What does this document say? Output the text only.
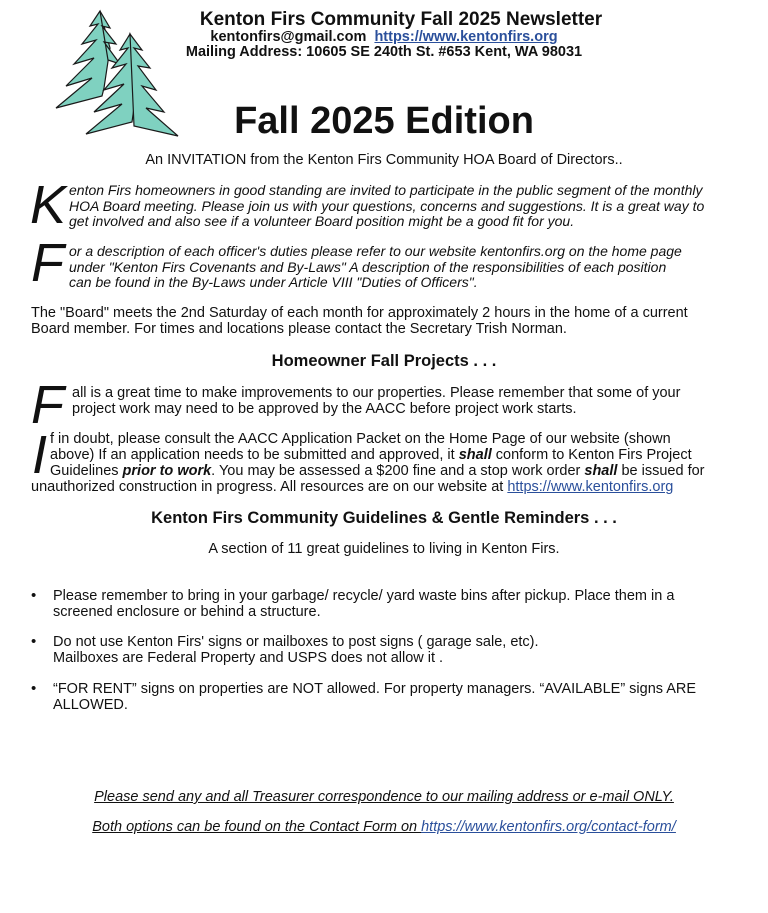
Kenton Firs Community Fall 2025 Newsletter
kentonfirs@gmail.com https://www.kentonfirs.org
Mailing Address: 10605 SE 240th St. #653 Kent, WA 98031
Fall 2025 Edition
An INVITATION from the Kenton Firs Community HOA Board of Directors..
K enton Firs homeowners in good standing are invited to participate in the public segment of the monthly
HOA Board meeting. Please join us with your questions, concerns and suggestions. It is a great way to
get involved and also see if a volunteer Board position might be a good fit for you.
F or a description of each officer's duties please refer to our website kentonfirs.org on the home page
under "Kenton Firs Covenants and By-Laws" A description of the responsibilities of each position
can be found in the By-Laws under Article VIII "Duties of Officers".
The "Board" meets the 2nd Saturday of each month for approximately 2 hours in the home of a current
Board member. For times and locations please contact the Secretary Trish Norman.
Homeowner Fall Projects . . .
F all is a great time to make improvements to our properties. Please remember that some of your
project work may need to be approved by the AACC before project work starts.
I f in doubt, please consult the AACC Application Packet on the Home Page of our website (shown
above) If an application needs to be submitted and approved, it shall conform to Kenton Firs Project
Guidelines prior to work. You may be assessed a $200 fine and a stop work order shall be issued for
unauthorized construction in progress. All resources are on our website at https://www.kentonfirs.org
Kenton Firs Community Guidelines & Gentle Reminders . . .
A section of 11 great guidelines to living in Kenton Firs.
• Please remember to bring in your garbage/ recycle/ yard waste bins after pickup. Place them in a
screened enclosure or behind a structure.
• Do not use Kenton Firs' signs or mailboxes to post signs ( garage sale, etc).
Mailboxes are Federal Property and USPS does not allow it .
• “FOR RENT” signs on properties are NOT allowed. For property managers. “AVAILABLE” signs ARE
ALLOWED.
Please send any and all Treasurer correspondence to our mailing address or e-mail ONLY.
Both options can be found on the Contact Form on https://www.kentonfirs.org/contact-form/
